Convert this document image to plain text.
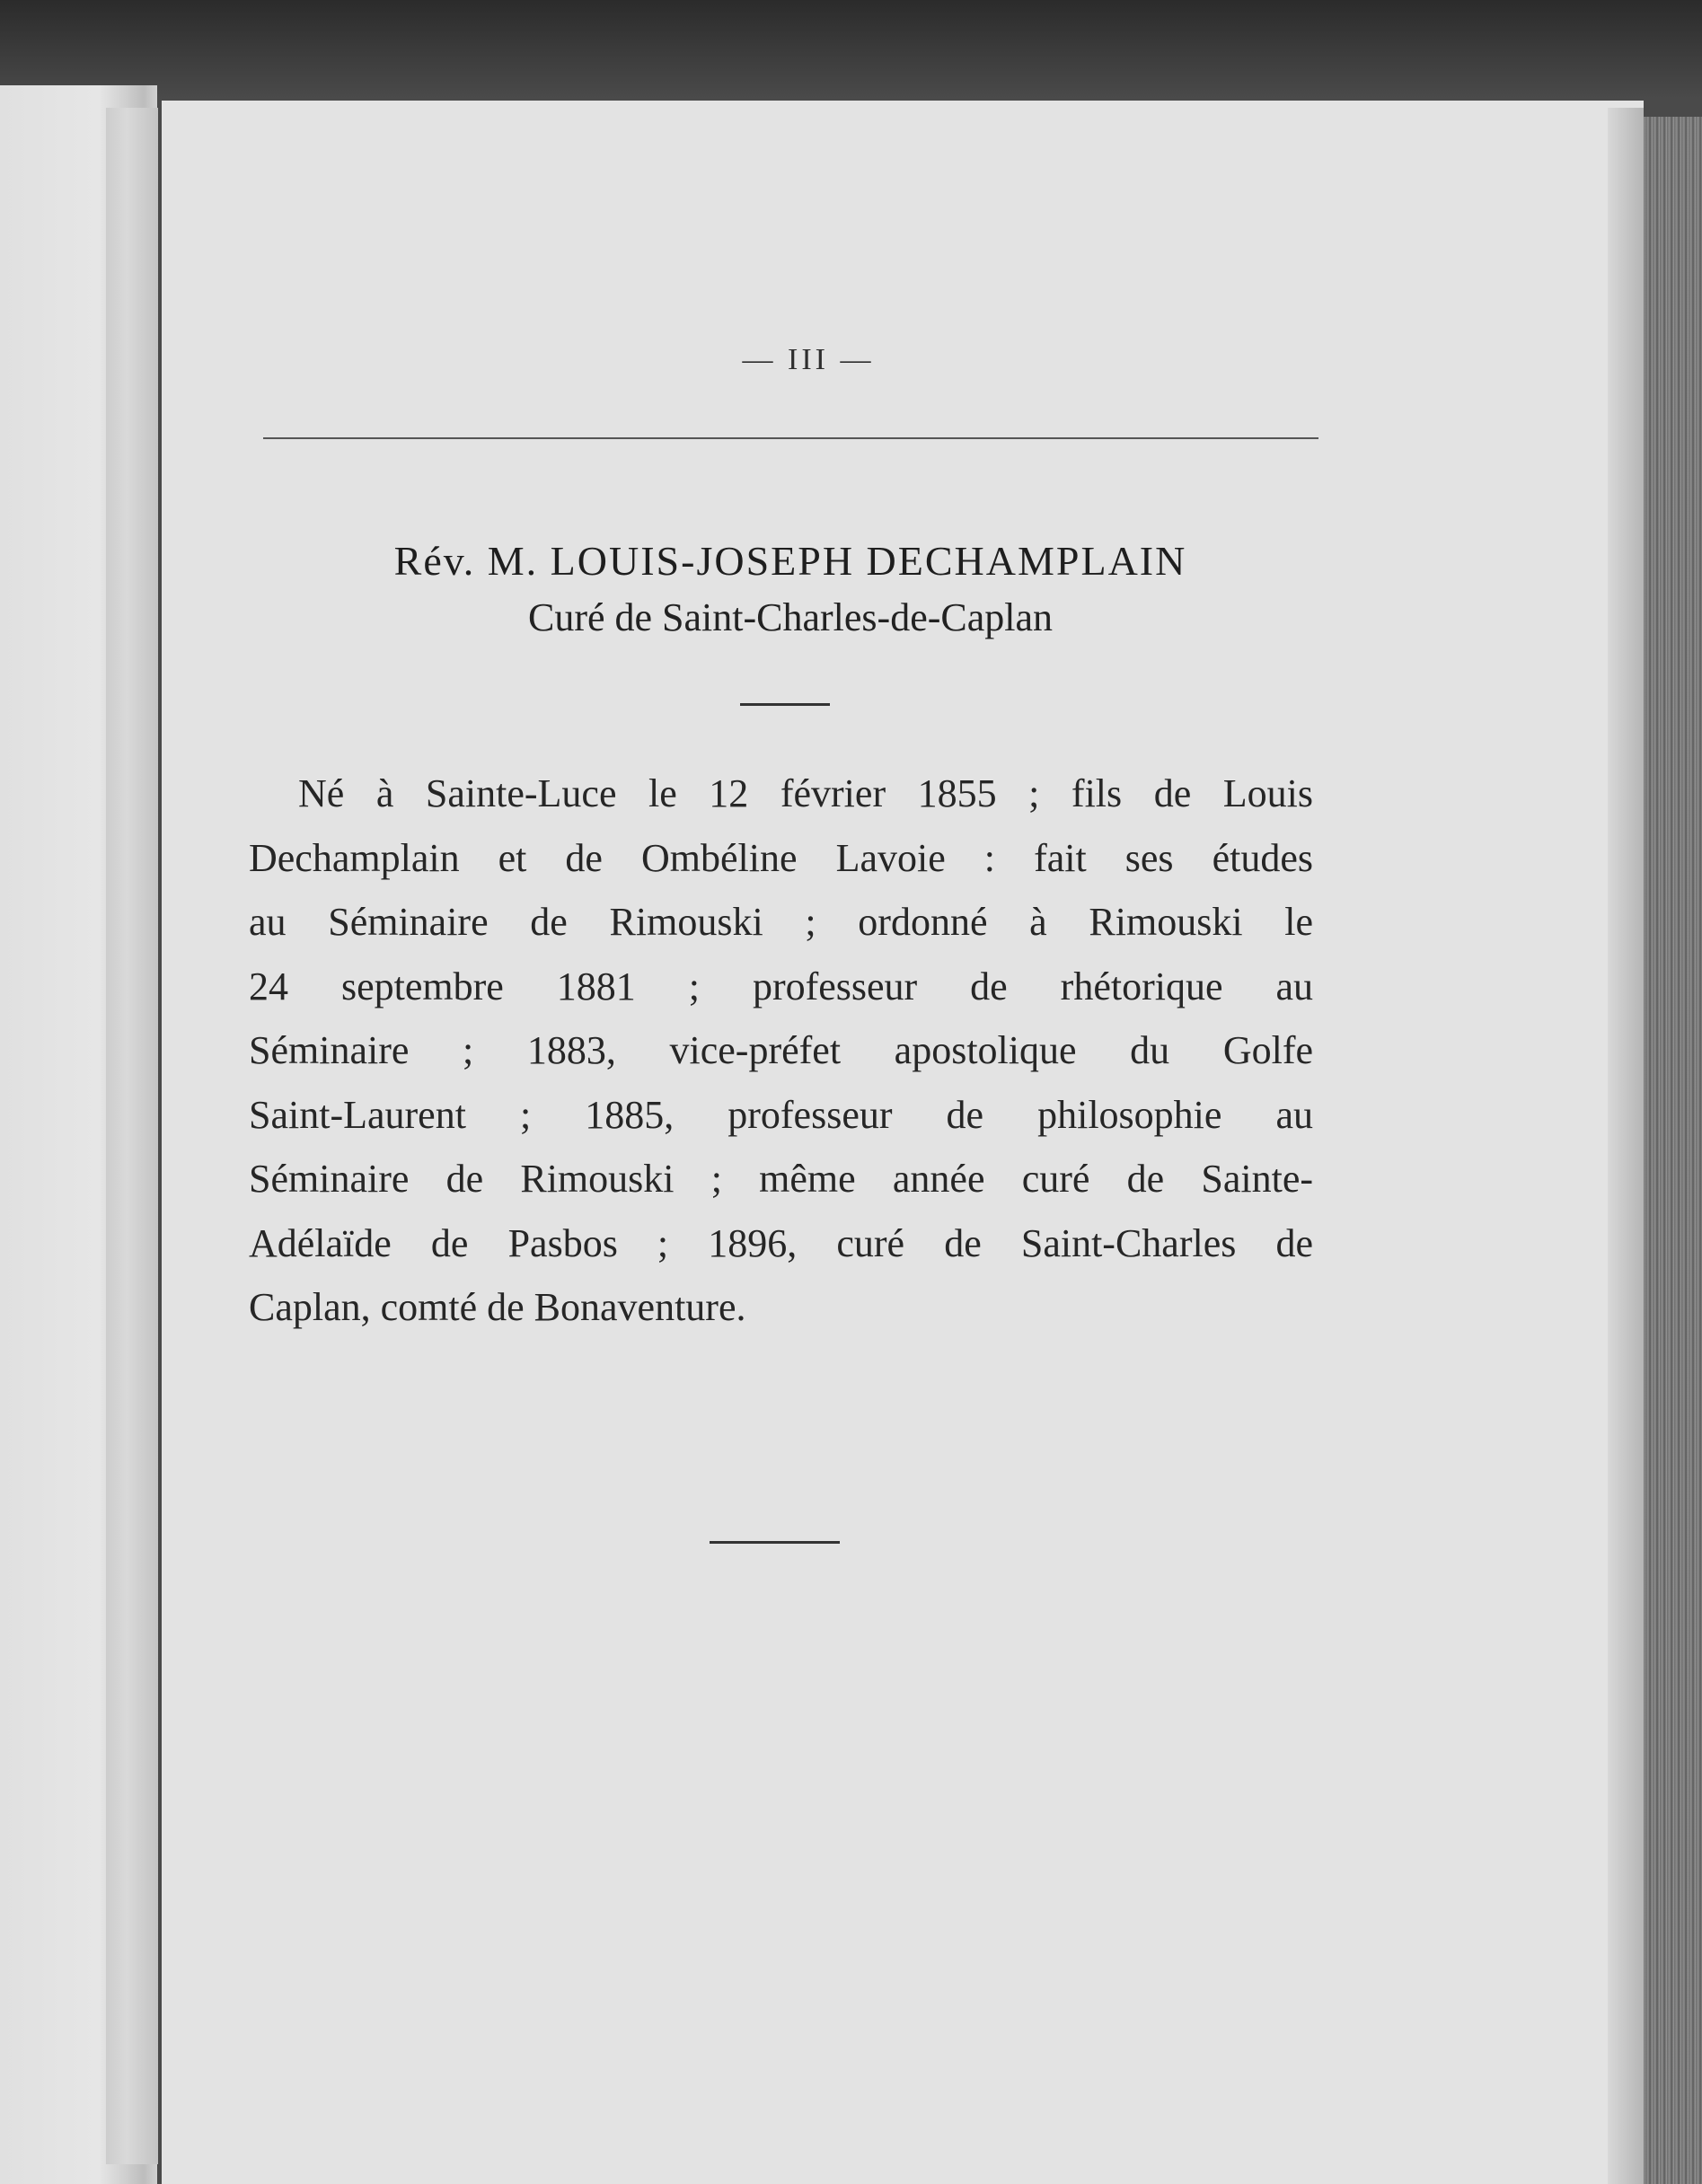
— III —
Rév. M. LOUIS-JOSEPH DECHAMPLAIN
Curé de Saint-Charles-de-Caplan
Né à Sainte-Luce le 12 février 1855 ; fils de Louis
Dechamplain et de Ombéline Lavoie : fait ses études
au Séminaire de Rimouski ; ordonné à Rimouski le
24 septembre 1881 ; professeur de rhétorique au
Séminaire ; 1883, vice-préfet apostolique du Golfe
Saint-Laurent ; 1885, professeur de philosophie au
Séminaire de Rimouski ; même année curé de Sainte-
Adélaïde de Pasbos ; 1896, curé de Saint-Charles de
Caplan, comté de Bonaventure.
